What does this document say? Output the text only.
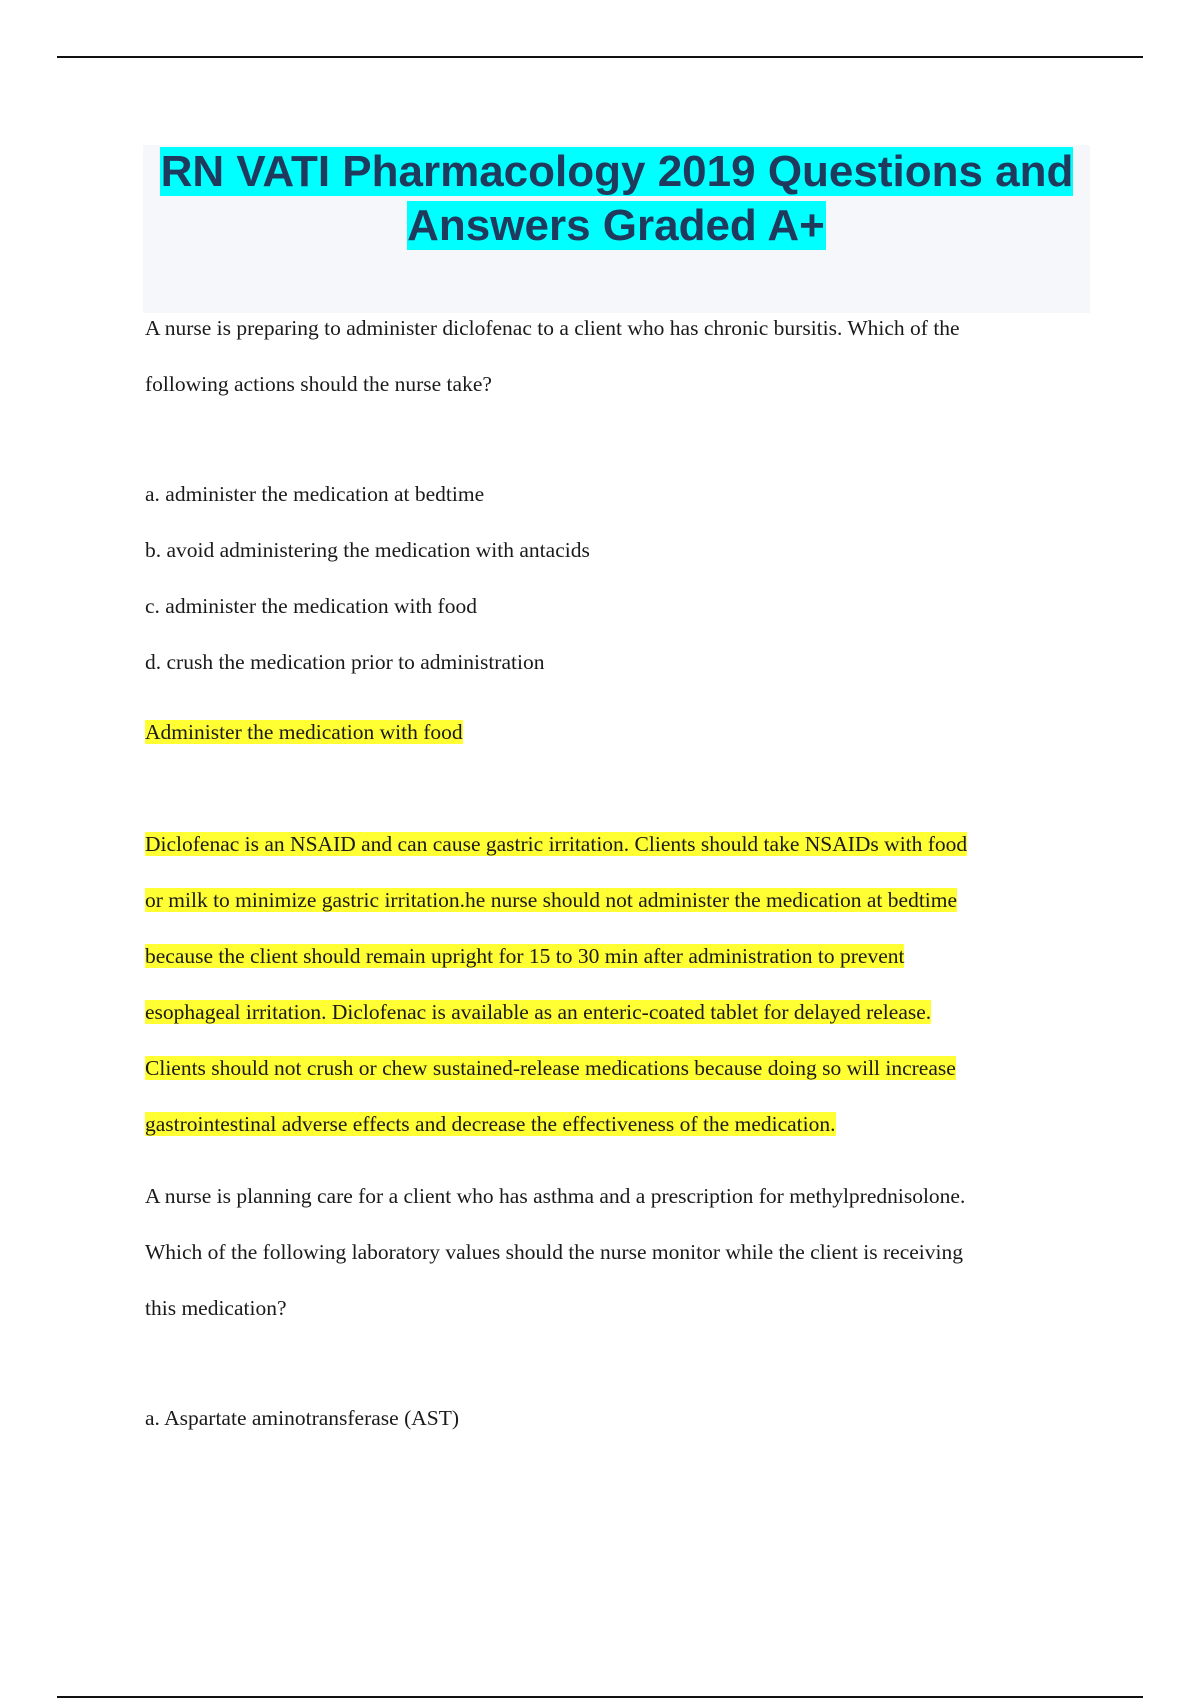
RN VATI Pharmacology 2019 Questions and Answers Graded A+

A nurse is preparing to administer diclofenac to a client who has chronic bursitis. Which of the

following actions should the nurse take?

a. administer the medication at bedtime

b. avoid administering the medication with antacids

c. administer the medication with food

d. crush the medication prior to administration

Administer the medication with food

Diclofenac is an NSAID and can cause gastric irritation. Clients should take NSAIDs with food

or milk to minimize gastric irritation.he nurse should not administer the medication at bedtime

because the client should remain upright for 15 to 30 min after administration to prevent

esophageal irritation. Diclofenac is available as an enteric-coated tablet for delayed release.

Clients should not crush or chew sustained-release medications because doing so will increase

gastrointestinal adverse effects and decrease the effectiveness of the medication.

A nurse is planning care for a client who has asthma and a prescription for methylprednisolone.

Which of the following laboratory values should the nurse monitor while the client is receiving

this medication?

a. Aspartate aminotransferase (AST)
